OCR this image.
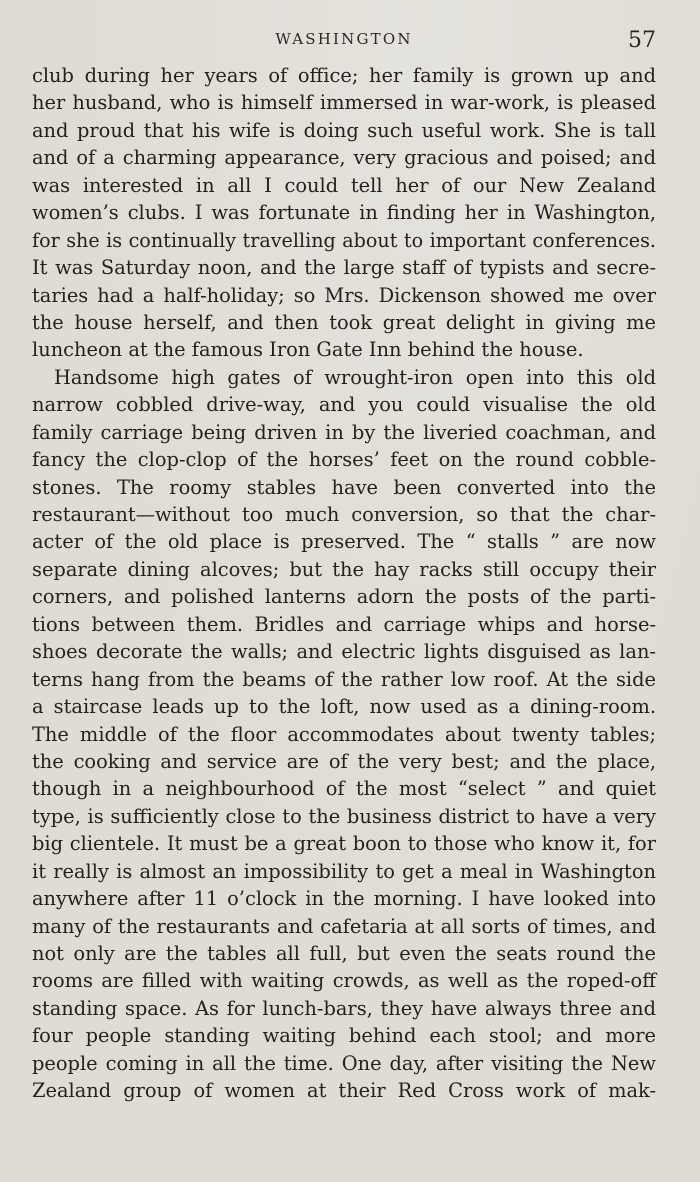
WASHINGTON	57
club during her years of office; her family is grown up and
her husband, who is himself immersed in war-work, is pleased
and proud that his wife is doing such useful work. She is tall
and of a charming appearance, very gracious and poised; and
was interested in all I could tell her of our New Zealand
women’s clubs. I was fortunate in finding her in Washington,
for she is continually travelling about to important conferences.
It was Saturday noon, and the large staff of typists and secre-
taries had a half-holiday; so Mrs. Dickenson showed me over
the house herself, and then took great delight in giving me
luncheon at the famous Iron Gate Inn behind the house.
Handsome high gates of wrought-iron open into this old
narrow cobbled drive-way, and you could visualise the old
family carriage being driven in by the liveried coachman, and
fancy the clop-clop of the horses’ feet on the round cobble-
stones. The roomy stables have been converted into the
restaurant—without too much conversion, so that the char-
acter of the old place is preserved. The “ stalls ” are now
separate dining alcoves; but the hay racks still occupy their
corners, and polished lanterns adorn the posts of the parti-
tions between them. Bridles and carriage whips and horse-
shoes decorate the walls; and electric lights disguised as lan-
terns hang from the beams of the rather low roof. At the side
a staircase leads up to the loft, now used as a dining-room.
The middle of the floor accommodates about twenty tables;
the cooking and service are of the very best; and the place,
though in a neighbourhood of the most “select ” and quiet
type, is sufficiently close to the business district to have a very
big clientele. It must be a great boon to those who know it, for
it really is almost an impossibility to get a meal in Washington
anywhere after 11 o’clock in the morning. I have looked into
many of the restaurants and cafetaria at all sorts of times, and
not only are the tables all full, but even the seats round the
rooms are filled with waiting crowds, as well as the roped-off
standing space. As for lunch-bars, they have always three and
four people standing waiting behind each stool; and more
people coming in all the time. One day, after visiting the New
Zealand group of women at their Red Cross work of mak-
